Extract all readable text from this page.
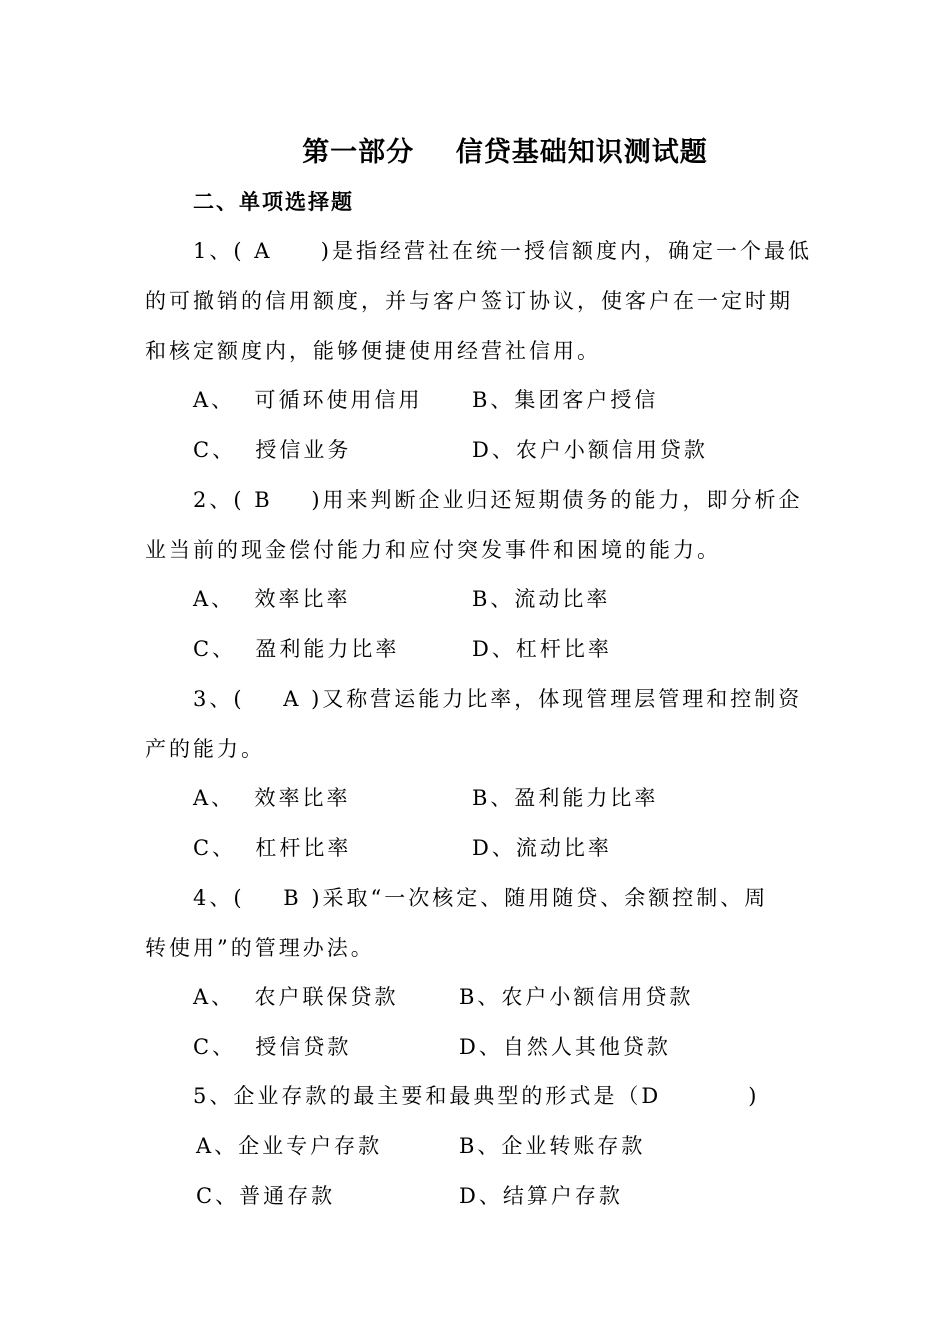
第一部分    信贷基础知识测试题
二、单项选择题
1、( A     )是指经营社在统一授信额度内，确定一个最低
的可撤销的信用额度，并与客户签订协议，使客户在一定时期
和核定额度内，能够便捷使用经营社信用。
A、  可循环使用信用 B、集团客户授信
C、  授信业务	D、农户小额信用贷款
2、( B    )用来判断企业归还短期债务的能力，即分析企
业当前的现金偿付能力和应付突发事件和困境的能力。
A、  效率比率	B、流动比率
C、  盈利能力比率	D、杠杆比率
3、(    A )又称营运能力比率，体现管理层管理和控制资
产的能力。
A、  效率比率	B、盈利能力比率
C、  杠杆比率	D、流动比率
4、(    B )采取“一次核定、随用随贷、余额控制、周
转使用”的管理办法。
A、  农户联保贷款	B、农户小额信用贷款
C、  授信贷款	D、自然人其他贷款
5、企业存款的最主要和最典型的形式是（D         )
A、企业专户存款	B、企业转账存款
C、普通存款	D、结算户存款
